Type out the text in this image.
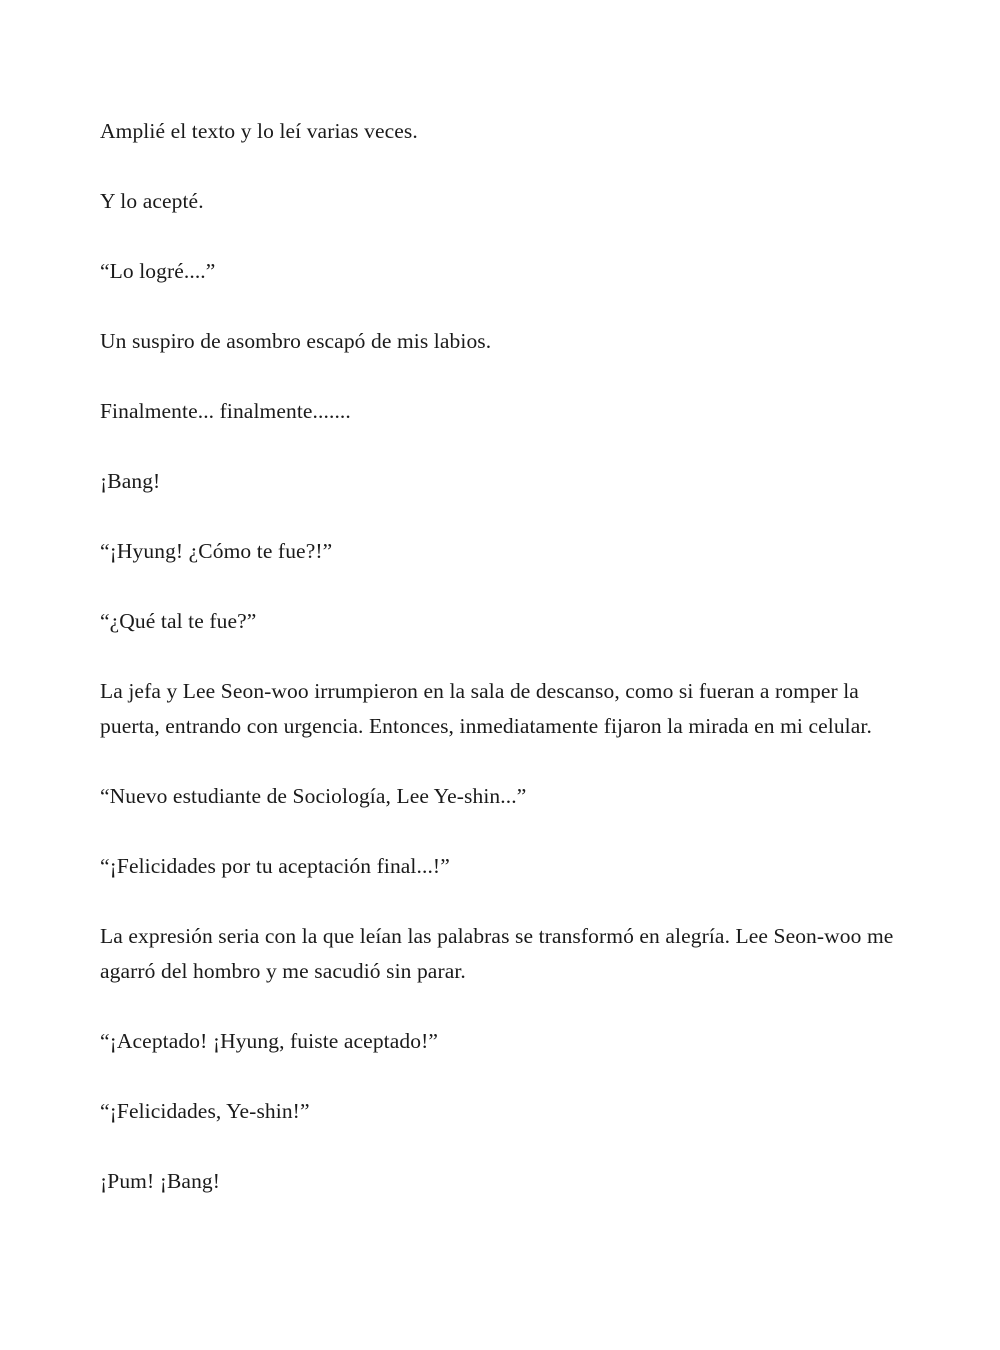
Amplié el texto y lo leí varias veces.

Y lo acepté.

“Lo logré....”

Un suspiro de asombro escapó de mis labios.

Finalmente... finalmente.......

¡Bang!

“¡Hyung! ¿Cómo te fue?!”

“¿Qué tal te fue?”

La jefa y Lee Seon-woo irrumpieron en la sala de descanso, como si fueran a romper la puerta, entrando con urgencia. Entonces, inmediatamente fijaron la mirada en mi celular.

“Nuevo estudiante de Sociología, Lee Ye-shin...”

“¡Felicidades por tu aceptación final...!”

La expresión seria con la que leían las palabras se transformó en alegría. Lee Seon-woo me agarró del hombro y me sacudió sin parar.

“¡Aceptado! ¡Hyung, fuiste aceptado!”

“¡Felicidades, Ye-shin!”

¡Pum! ¡Bang!
